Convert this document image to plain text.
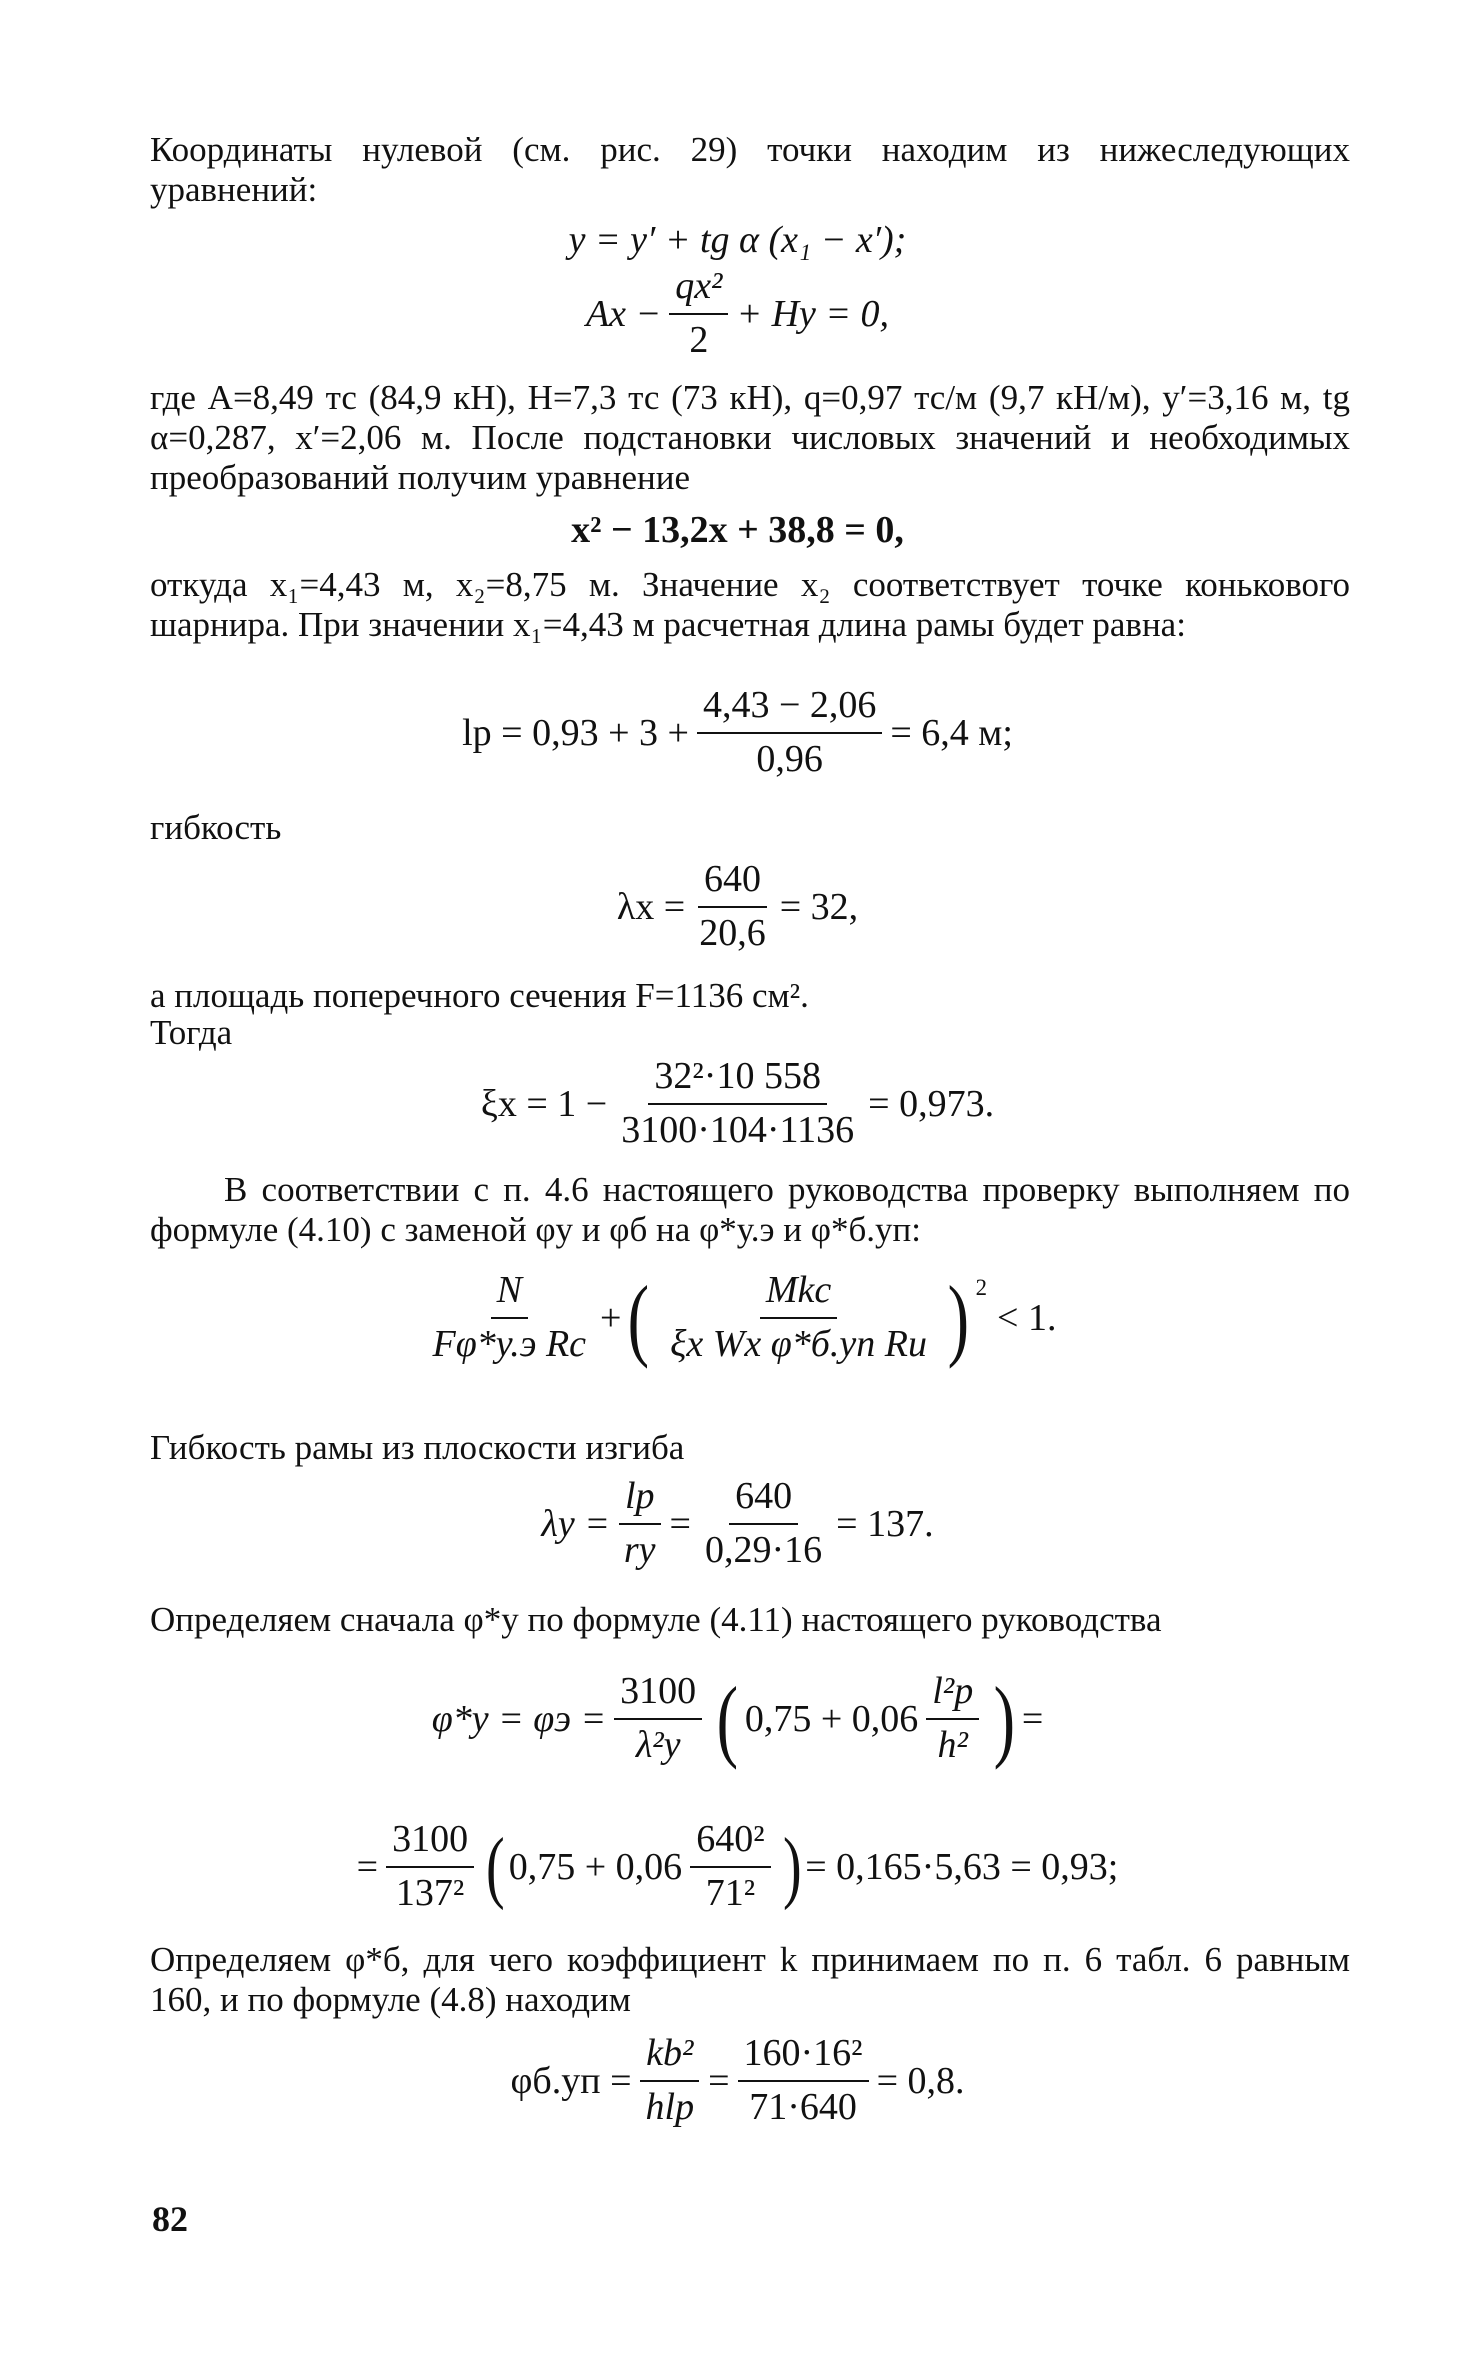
Координаты нулевой (см. рис. 29) точки находим из нижеследующих уравнений:

y = y′ + tg α (x₁ − x′);
$Ax - \frac{\text{qx²}}{2} + Hy = 0$,

где A=8,49 тс (84,9 кН), H=7,3 тс (73 кН), q=0,97 тс/м (9,7 кН/м), y′=3,16 м, tg α=0,287, x′=2,06 м. После подстановки числовых значений и необходимых преобразований получим уравнение

x² − 13,2x + 38,8 = 0,

откуда x₁=4,43 м, x₂=8,75 м. Значение x₂ соответствует точке конькового шарнира. При значении x₁=4,43 м расчетная длина рамы будет равна:

lр = $0,93 + 3 + \frac{4,43 - 2,06}{0,96} = 6,4$ м;

гибкость

$\lambda x = \frac{640}{20,6} = 32$,

а площадь поперечного сечения F=1136 см².

Тогда

$\xi x = 1 - \frac{\text{32²·10 558}}{3100\cdot 104\cdot 1136} = 0,973$.

В соответствии с п. 4.6 настоящего руководства проверку выполняем по формуле (4.10) с заменой φу и φб на φ*у.э и φ*б.уп:

$\frac{N}{\text{Fφ*у.э Rс}}$ + ( $\frac{\text{Mkс}}{\text{ξx Wx φ*б.уп Rи}}$ ) $^2$
< 1.

Гибкость рамы из плоскости изгиба

$\lambda y = \frac{lр}{rу} = \frac{640}{0,29\cdot 16} = 137$.

Определяем сначала φ*у по формуле (4.11) настоящего руководства

$\varphi*y = \varphi э = \frac{3100}{\text{λ²y}}$ ( $0,75 + 0,06 \frac{\text{l²р}}{\text{h²}}$ ) =
= $\frac{3100}{\text{137²}}$ ( $0,75 + 0,06 \frac{\text{640²}}{\text{71²}}$ ) = 0,165·5,63 = 0,93;

Определяем φ*б, для чего коэффициент k принимаем по п. 6 табл. 6 равным 160, и по формуле (4.8) находим

$\varphi б.уп = \frac{\text{kb²}}{\text{hlр}} = \frac{\text{160·16²}}{71\cdot 640} = 0,8$.
82
